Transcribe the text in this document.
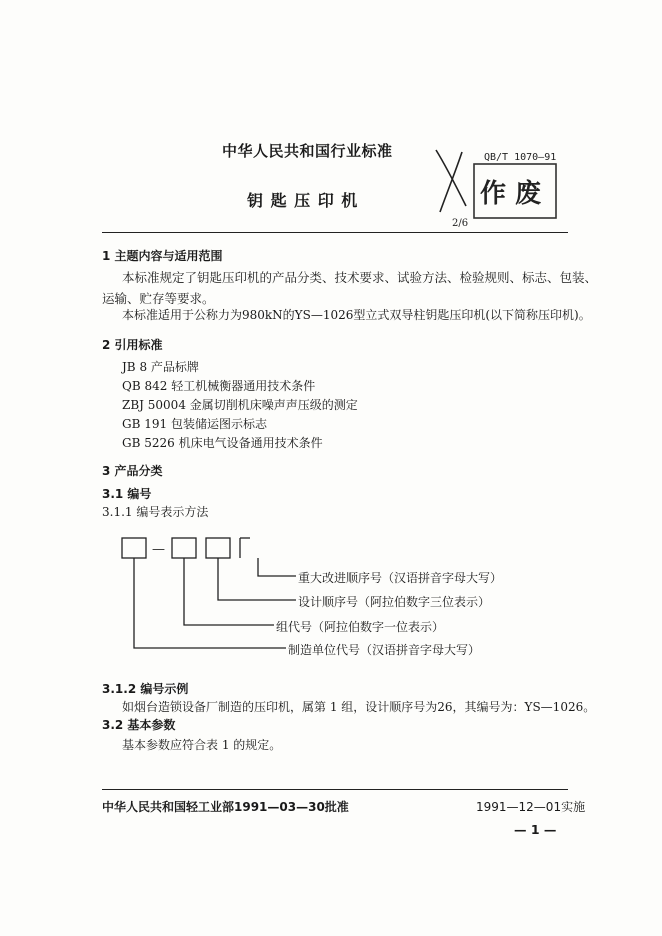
中华人民共和国行业标准
钥 匙 压 印 机
QB/T 1070—91
作 废
2/6
1 主题内容与适用范围
本标准规定了钥匙压印机的产品分类、技术要求、试验方法、检验规则、标志、包装、
运输、贮存等要求。
本标准适用于公称力为980kN的YS—1026型立式双导柱钥匙压印机(以下简称压印机)。
2 引用标准
JB 8 产品标牌
QB 842 轻工机械衡器通用技术条件
ZBJ 50004 金属切削机床噪声声压级的测定
GB 191 包装储运图示标志
GB 5226 机床电气设备通用技术条件
3 产品分类
3.1 编号
3.1.1 编号表示方法
—
重大改进顺序号（汉语拼音字母大写）
设计顺序号（阿拉伯数字三位表示）
组代号（阿拉伯数字一位表示）
制造单位代号（汉语拼音字母大写）
3.1.2 编号示例
如烟台造锁设备厂制造的压印机，属第 1 组，设计顺序号为26，其编号为：YS—1026。
3.2 基本参数
基本参数应符合表 1 的规定。
中华人民共和国轻工业部1991—03—30批准	1991—12—01实施
— 1 —
